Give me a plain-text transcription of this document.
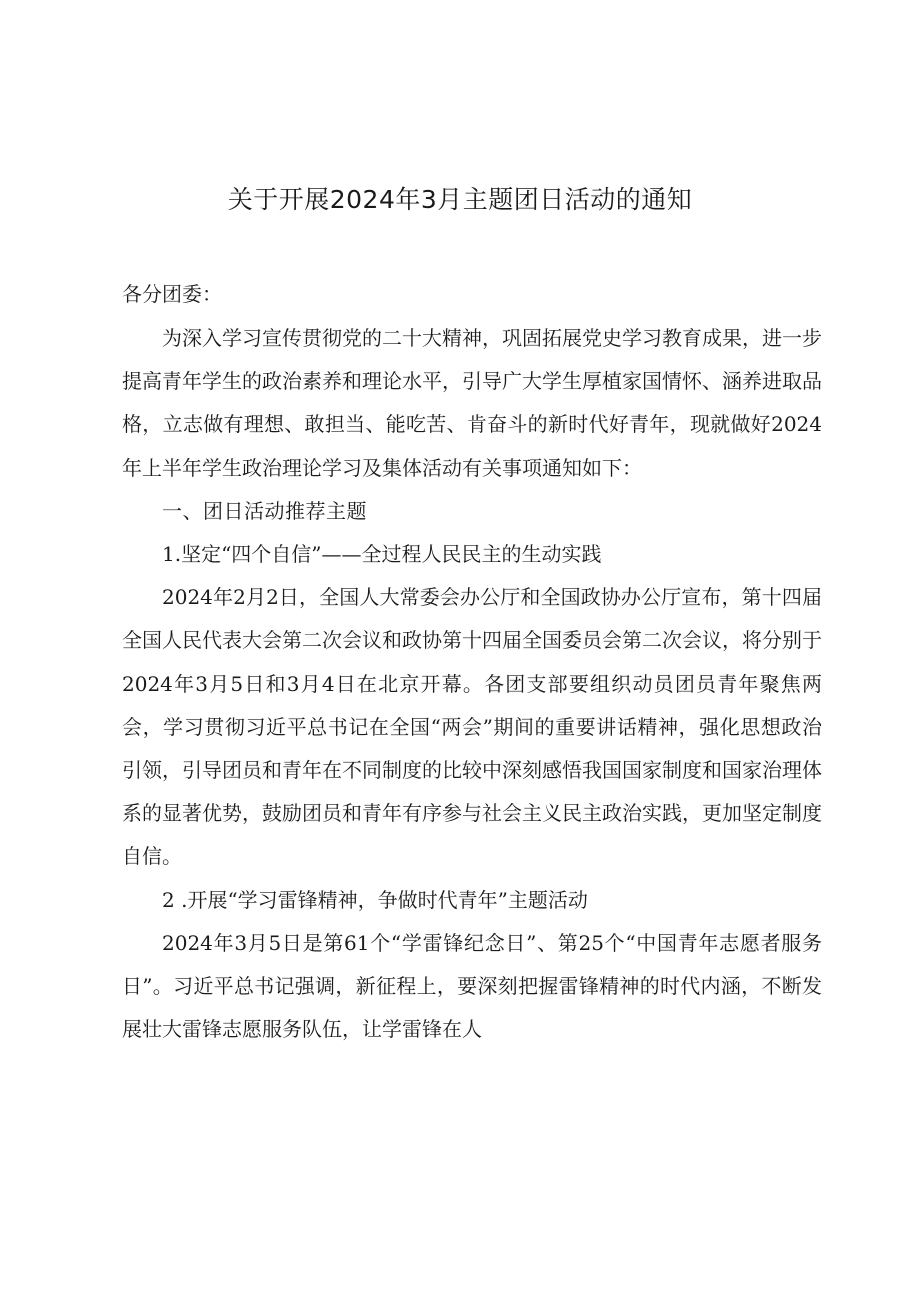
关于开展2024年3月主题团日活动的通知
各分团委：

为深入学习宣传贯彻党的二十大精神，巩固拓展党史学习教育成果，进一步提高青年学生的政治素养和理论水平，引导广大学生厚植家国情怀、涵养进取品格，立志做有理想、敢担当、能吃苦、肯奋斗的新时代好青年，现就做好2024年上半年学生政治理论学习及集体活动有关事项通知如下：

一、团日活动推荐主题

1.坚定“四个自信”——全过程人民民主的生动实践

2024年2月2日，全国人大常委会办公厅和全国政协办公厅宣布，第十四届全国人民代表大会第二次会议和政协第十四届全国委员会第二次会议，将分别于2024年3月5日和3月4日在北京开幕。各团支部要组织动员团员青年聚焦两会，学习贯彻习近平总书记在全国“两会”期间的重要讲话精神，强化思想政治引领，引导团员和青年在不同制度的比较中深刻感悟我国国家制度和国家治理体系的显著优势，鼓励团员和青年有序参与社会主义民主政治实践，更加坚定制度自信。

2 .开展“学习雷锋精神，争做时代青年”主题活动

2024年3月5日是第61个“学雷锋纪念日”、第25个“中国青年志愿者服务日”。习近平总书记强调，新征程上，要深刻把握雷锋精神的时代内涵，不断发展壮大雷锋志愿服务队伍，让学雷锋在人
